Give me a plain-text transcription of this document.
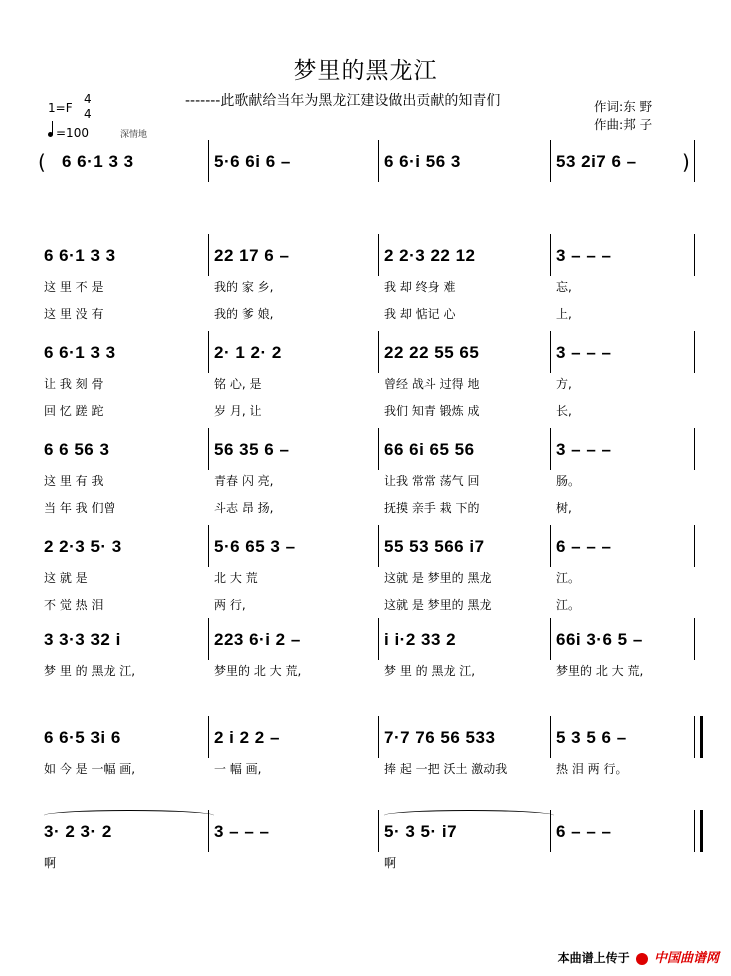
梦里的黑龙江
-------此歌献给当年为黑龙江建设做出贡献的知青们	作词:东 野
作曲:邦 子
1=F
4
4
=100	深情地
(	)
6 6·1 3 3	5·6 6i 6 –	6 6·i 56 3	53 2i7 6 –
6 6·1 3 3
这 里 不 是
这 里 没 有
22 17 6 –
我的 家 乡,
我的 爹 娘,
2 2·3 22 12
我 却 终身 难
我 却 惦记 心
3 – – –
忘,
上,
6 6·1 3 3
让 我 刻 骨
回 忆 蹉 跎
2· 1 2· 2
铭 心, 是
岁 月, 让
22 22 55 65
曾经 战斗 过得 地
我们 知青 锻炼 成
3 – – –
方,
长,
6 6 56 3
这 里 有 我
当 年 我 们曾
56 35 6 –
青春 闪 亮,
斗志 昂 扬,
66 6i 65 56
让我 常常 荡气 回
抚摸 亲手 栽 下的
3 – – –
肠。
树,
2 2·3 5· 3
这 就 是
不 觉 热 泪
5·6 65 3 –
北 大 荒
两 行,
55 53 566 i7
这就 是 梦里的 黑龙
这就 是 梦里的 黑龙
6 – – –
江。
江。
3 3·3 32 i
梦 里 的 黑龙 江,
223 6·i 2 –
梦里的 北 大 荒,
i i·2 33 2
梦 里 的 黑龙 江,
66i 3·6 5 –
梦里的 北 大 荒,
6 6·5 3i 6
如 今 是 一幅 画,
2 i 2 2 –
一 幅 画,
7·7 76 56 533
捧 起 一把 沃土 激动我
5 3 5 6 –
热 泪 两 行。
3· 2 3· 2
啊
3 – – –	5· 3 5· i7
啊
6 – – –
本曲谱上传于 中国曲谱网
